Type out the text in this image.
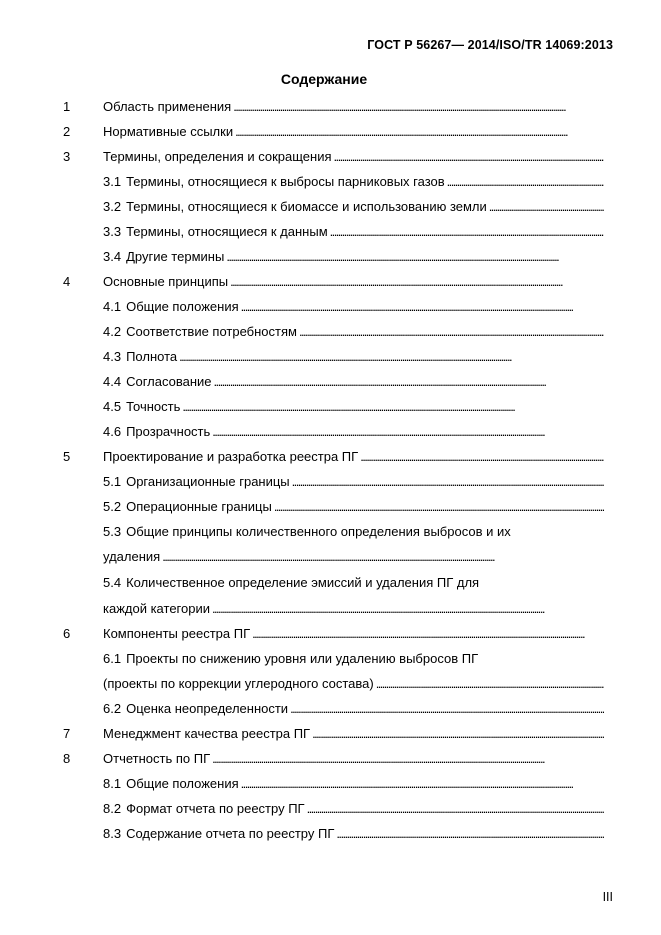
ГОСТ Р 56267— 2014/ISO/TR 14069:2013
Содержание
1	Область применения
. . .
2	Нормативные ссылки
. . .
3	Термины, определения и сокращения
. . .
3.1 Термины, относящиеся к выбросы парниковых газов
. . .
3.2 Термины, относящиеся к биомассе и использованию земли
. . .
3.3 Термины, относящиеся к данным
. . .
3.4 Другие термины
. . .
4	Основные принципы
. . .
4.1 Общие положения
. . .
4.2 Соответствие потребностям
. . .
4.3 Полнота
. . .
4.4 Согласование
. . .
4.5 Точность
. . .
4.6 Прозрачность
. . .
5	Проектирование и разработка реестра ПГ
. . .
5.1 Организационные границы
. . .
5.2 Операционные границы
. . .
5.3 Общие принципы количественного определения выбросов и их
удаления
. . .
5.4 Количественное определение эмиссий и удаления ПГ для
каждой категории
. . .
6	Компоненты реестра ПГ
. . .
6.1 Проекты по снижению уровня или удалению выбросов ПГ
(проекты по коррекции углеродного состава)
. . .
6.2 Оценка неопределенности
. . .
7	Менеджмент качества реестра ПГ
. . .
8	Отчетность по ПГ
. . .
8.1 Общие положения
. . .
8.2 Формат отчета по реестру ПГ
. . .
8.3 Содержание отчета по реестру ПГ
. . .
III
